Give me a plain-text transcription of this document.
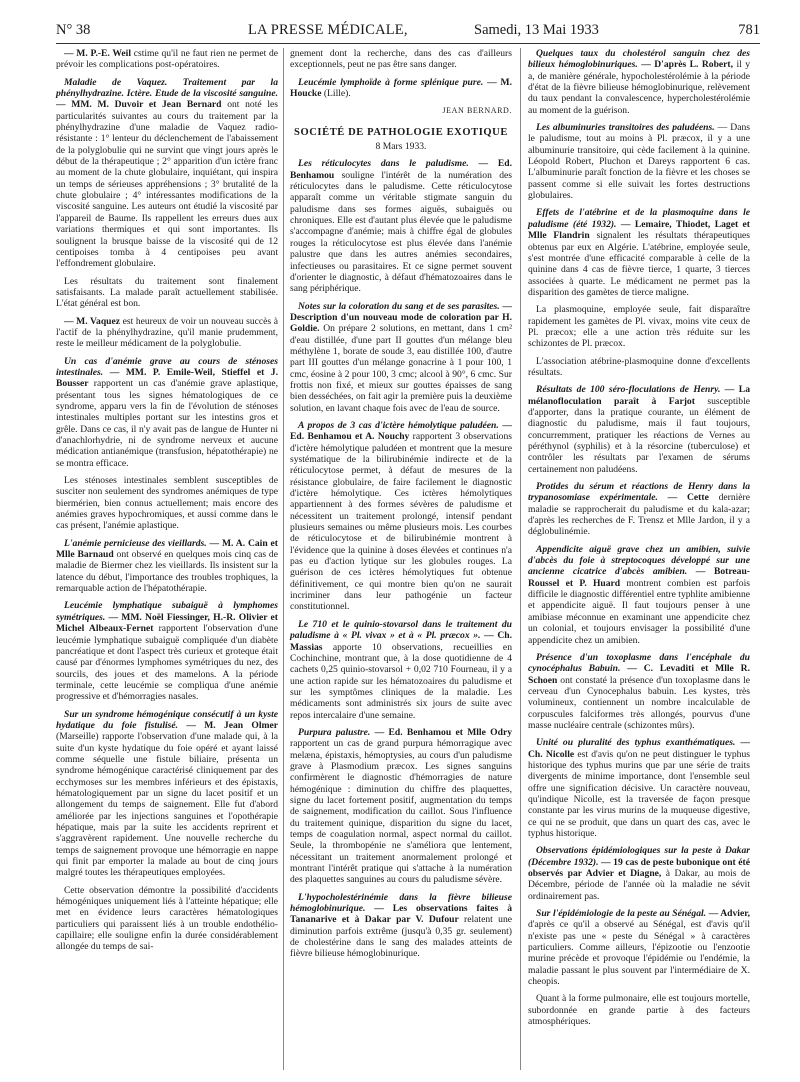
N° 38	LA PRESSE MÉDICALE,	Samedi, 13 Mai 1933	781

— M. P.-E. Weil cstime qu'il ne faut rien ne permet de prévoir les complications post-opératoires.

Maladie de Vaquez. Traitement par la phénylhydrazine. Ictère. Etude de la viscosité sanguine. — MM. M. Duvoir et Jean Bernard ont noté les particularités suivantes au cours du traitement par la phénylhydrazine d'une maladie de Vaquez radio-résistante : 1° lenteur du déclenchement de l'abaissement de la polyglobulie qui ne survint que vingt jours après le début de la thérapeutique ; 2° apparition d'un ictère franc au moment de la chute globulaire, inquiétant, qui inspira un temps de sérieuses appréhensions ; 3° brutalité de la chute globulaire ; 4° intéressantes modifications de la viscosité sanguine. Les auteurs ont étudié la viscosité par l'appareil de Baume. Ils rappellent les erreurs dues aux variations thermiques et qui sont importantes. Ils soulignent la brusque baisse de la viscosité qui de 12 centipoises tomba à 4 centipoises peu avant l'effondrement globulaire.

Les résultats du traitement sont finalement satisfaisants. La malade paraît actuellement stabilisée. L'état général est bon.

— M. Vaquez est heureux de voir un nouveau succès à l'actif de la phénylhydrazine, qu'il manie prudemment, reste le meilleur médicament de la polyglobulie.

Un cas d'anémie grave au cours de sténoses intestinales. — MM. P. Emile-Weil, Stieffel et J. Bousser rapportent un cas d'anémie grave aplastique, présentant tous les signes hématologiques de ce syndrome, apparu vers la fin de l'évolution de sténoses intestinales multiples portant sur les intestins gros et grêle. Dans ce cas, il n'y avait pas de langue de Hunter ni d'anachlorhydrie, ni de syndrome nerveux et aucune médication antianémique (transfusion, hépatothérapie) ne se montra efficace.

Les sténoses intestinales semblent susceptibles de susciter non seulement des syndromes anémiques de type biermérien, bien connus actuellement; mais encore des anémies graves hypochromiques, et aussi comme dans le cas présent, l'anémie aplastique.

L'anémie pernicieuse des vieillards. — M. A. Cain et Mlle Barnaud ont observé en quelques mois cinq cas de maladie de Biermer chez les vieillards. Ils insistent sur la latence du début, l'importance des troubles trophiques, la remarquable action de l'hépatothérapie.

Leucémie lymphatique subaiguë à lymphomes symétriques. — MM. Noël Fiessinger, H.-R. Olivier et Michel Albeaux-Fernet rapportent l'observation d'une leucémie lymphatique subaiguë compliquée d'un diabète pancréatique et dont l'aspect très curieux et groteque était causé par d'énormes lymphomes symétriques du nez, des sourcils, des joues et des mamelons. A la période terminale, cette leucémie se compliqua d'une anémie progressive et d'hémorragies nasales.

Sur un syndrome hémogénique consécutif à un kyste hydatique du foie fistulisé. — M. Jean Olmer (Marseille) rapporte l'observation d'une malade qui, à la suite d'un kyste hydatique du foie opéré et ayant laissé comme séquelle une fistule biliaire, présenta un syndrome hémogénique caractérisé cliniquement par des ecchymoses sur les membres inférieurs et des épistaxis, hématologiquement par un signe du lacet positif et un allongement du temps de saignement. Elle fut d'abord améliorée par les injections sanguines et l'opothérapie hépatique, mais par la suite les accidents reprirent et s'aggravèrent rapidement. Une nouvelle recherche du temps de saignement provoque une hémorragie en nappe qui finit par emporter la malade au bout de cinq jours malgré toutes les thérapeutiques employées.

Cette observation démontre la possibilité d'accidents hémogéniques uniquement liés à l'atteinte hépatique; elle met en évidence leurs caractères hématologiques particuliers qui paraissent liés à un trouble endothélio-capillaire; elle souligne enfin la durée considérablement allongée du temps de sai-

gnement dont la recherche, dans des cas d'ailleurs exceptionnels, peut ne pas être sans danger.

Leucémie lymphoïde à forme splénique pure. — M. Houcke (Lille).

JEAN BERNARD.
SOCIÉTÉ DE PATHOLOGIE EXOTIQUE
8 Mars 1933.

Les réticulocytes dans le paludisme. — Ed. Benhamou souligne l'intérêt de la numération des réticulocytes dans le paludisme. Cette réticulocytose apparaît comme un véritable stigmate sanguin du paludisme dans ses formes aiguës, subaiguës ou chroniques. Elle est d'autant plus élevée que le paludisme s'accompagne d'anémie; mais à chiffre égal de globules rouges la réticulocytose est plus élevée dans l'anémie palustre que dans les autres anémies secondaires, infectieuses ou parasitaires. Et ce signe permet souvent d'orienter le diagnostic, à défaut d'hématozoaires dans le sang périphérique.

Notes sur la coloration du sang et de ses parasites. — Description d'un nouveau mode de coloration par H. Goldie. On prépare 2 solutions, en mettant, dans 1 cm² d'eau distillée, d'une part II gouttes d'un mélange bleu méthylène 1, borate de soude 3, eau distillée 100, d'autre part III gouttes d'un mélange gonacrine à 1 pour 100, 1 cmc, éosine à 2 pour 100, 3 cmc; alcool à 90°, 6 cmc. Sur frottis non fixé, et mieux sur gouttes épaisses de sang bien desséchées, on fait agir la première puis la deuxième solution, en lavant chaque fois avec de l'eau de source.

A propos de 3 cas d'ictère hémolytique paludéen. — Ed. Benhamou et A. Nouchy rapportent 3 observations d'ictère hémolytique paludéen et montrent que la mesure systématique de la bilirubinémie indirecte et de la réticulocytose permet, à défaut de mesures de la résistance globulaire, de faire facilement le diagnostic d'ictère hémolytique. Ces ictères hémolytiques appartiennent à des formes sévères de paludisme et nécessitent un traitement prolongé, intensif pendant plusieurs semaines ou même plusieurs mois. Les courbes de réticulocytose et de bilirubinémie montrent à l'évidence que la quinine à doses élevées et continues n'a pas eu d'action lytique sur les globules rouges. La guérison de ces ictères hémolytiques fut obtenue définitivement, ce qui montre bien qu'on ne saurait incriminer dans leur pathogénie un facteur constitutionnel.

Le 710 et le quinio-stovarsol dans le traitement du paludisme à « Pl. vivax » et à « Pl. præcox ». — Ch. Massias apporte 10 observations, recueillies en Cochinchine, montrant que, à la dose quotidienne de 4 cachets 0,25 quinio-stovarsol + 0,02 710 Fourneau, il y a une action rapide sur les hématozoaires du paludisme et sur les symptômes cliniques de la maladie. Les médicaments sont administrés six jours de suite avec repos intercalaire d'une semaine.

Purpura palustre. — Ed. Benhamou et Mlle Odry rapportent un cas de grand purpura hémorragique avec melæna, épistaxis, hémoptysies, au cours d'un paludisme grave à Plasmodium præcox. Les signes sanguins confirmèrent le diagnostic d'hémorragies de nature hémogénique : diminution du chiffre des plaquettes, signe du lacet fortement positif, augmentation du temps de saignement, modification du caillot. Sous l'influence du traitement quinique, disparition du signe du lacet, temps de coagulation normal, aspect normal du caillot. Seule, la thrombopénie ne s'améliora que lentement, nécessitant un traitement anormalement prolongé et montrant l'intérêt pratique qui s'attache à la numération des plaquettes sanguines au cours du paludisme sévère.

L'hypocholestérinémie dans la fièvre bilieuse hémoglobinurique. — Les observations faites à Tananarive et à Dakar par V. Dufour relatent une diminution parfois extrême (jusqu'à 0,35 gr. seulement) de cholestérine dans le sang des malades atteints de fièvre bilieuse hémoglobinurique.

Quelques taux du cholestérol sanguin chez des bilieux hémoglobinuriques. — D'après L. Robert, il y a, de manière générale, hypocholestérolémie à la période d'état de la fièvre bilieuse hémoglobinurique, relèvement du taux pendant la convalescence, hypercholestérolémie au moment de la guérison.

Les albuminuries transitoires des paludéens. — Dans le paludisme, tout au moins à Pl. præcox, il y a une albuminurie transitoire, qui cède facilement à la quinine. Léopold Robert, Pluchon et Dareys rapportent 6 cas. L'albuminurie paraît fonction de la fièvre et les choses se passent comme si elle suivait les fortes destructions globulaires.

Effets de l'atébrine et de la plasmoquine dans le paludisme (été 1932). — Lemaire, Thiodet, Laget et Mlle Flandrin signalent les résultats thérapeutiques obtenus par eux en Algérie. L'atébrine, employée seule, s'est montrée d'une efficacité comparable à celle de la quinine dans 4 cas de fièvre tierce, 1 quarte, 3 tierces associées à quarte. Le médicament ne permet pas la disparition des gamètes de tierce maligne.

La plasmoquine, employée seule, fait disparaître rapidement les gamètes de Pl. vivax, moins vite ceux de Pl. præcox; elle a une action très réduite sur les schizontes de Pl. præcox.

L'association atébrine-plasmoquine donne d'excellents résultats.

Résultats de 100 séro-floculations de Henry. — La mélanofloculation paraît à Farjot susceptible d'apporter, dans la pratique courante, un élément de diagnostic du paludisme, mais il faut toujours, concurremment, pratiquer les réactions de Vernes au péréthynol (syphilis) et à la résorcine (tuberculose) et contrôler les résultats par l'examen de sérums certainement non paludéens.

Protides du sérum et réactions de Henry dans la trypanosomiase expérimentale. — Cette dernière maladie se rapprocherait du paludisme et du kala-azar; d'après les recherches de F. Trensz et Mlle Jardon, il y a déglobulinémie.

Appendicite aiguë grave chez un amibien, suivie d'abcès du foie à streptocoques développé sur une ancienne cicatrice d'abcès amibien. — Botreau-Roussel et P. Huard montrent combien est parfois difficile le diagnostic différentiel entre typhlite amibienne et appendicite aiguë. Il faut toujours penser à une amibiase méconnue en examinant une appendicite chez un colonial, et toujours envisager la possibilité d'une appendicite chez un amibien.

Présence d'un toxoplasme dans l'encéphale du cynocéphalus Babuin. — C. Levaditi et Mlle R. Schoen ont constaté la présence d'un toxoplasme dans le cerveau d'un Cynocephalus babuin. Les kystes, très volumineux, contiennent un nombre incalculable de corpuscules falciformes très allongés, pourvus d'une masse nucléaire centrale (schizontes mûrs).

Unité ou pluralité des typhus exanthématiques. — Ch. Nicolle est d'avis qu'on ne peut distinguer le typhus historique des typhus murins que par une série de traits divergents de minime importance, dont l'ensemble seul offre une signification décisive. Un caractère nouveau, qu'indique Nicolle, est la traversée de façon presque constante par les virus murins de la muqueuse digestive, ce qui ne se produit, que dans un quart des cas, avec le typhus historique.

Observations épidémiologiques sur la peste à Dakar (Décembre 1932). — 19 cas de peste bubonique ont été observés par Advier et Diagne, à Dakar, au mois de Décembre, période de l'année où la maladie ne sévit ordinairement pas.

Sur l'épidémiologie de la peste au Sénégal. — Advier, d'après ce qu'il a observé au Sénégal, est d'avis qu'il n'existe pas une « peste du Sénégal » à caractères particuliers. Comme ailleurs, l'épizootie ou l'enzootie murine précède et provoque l'épidémie ou l'endémie, la maladie passant le plus souvent par l'intermédiaire de X. cheopis.

Quant à la forme pulmonaire, elle est toujours mortelle, subordonnée en grande partie à des facteurs atmosphériques.
